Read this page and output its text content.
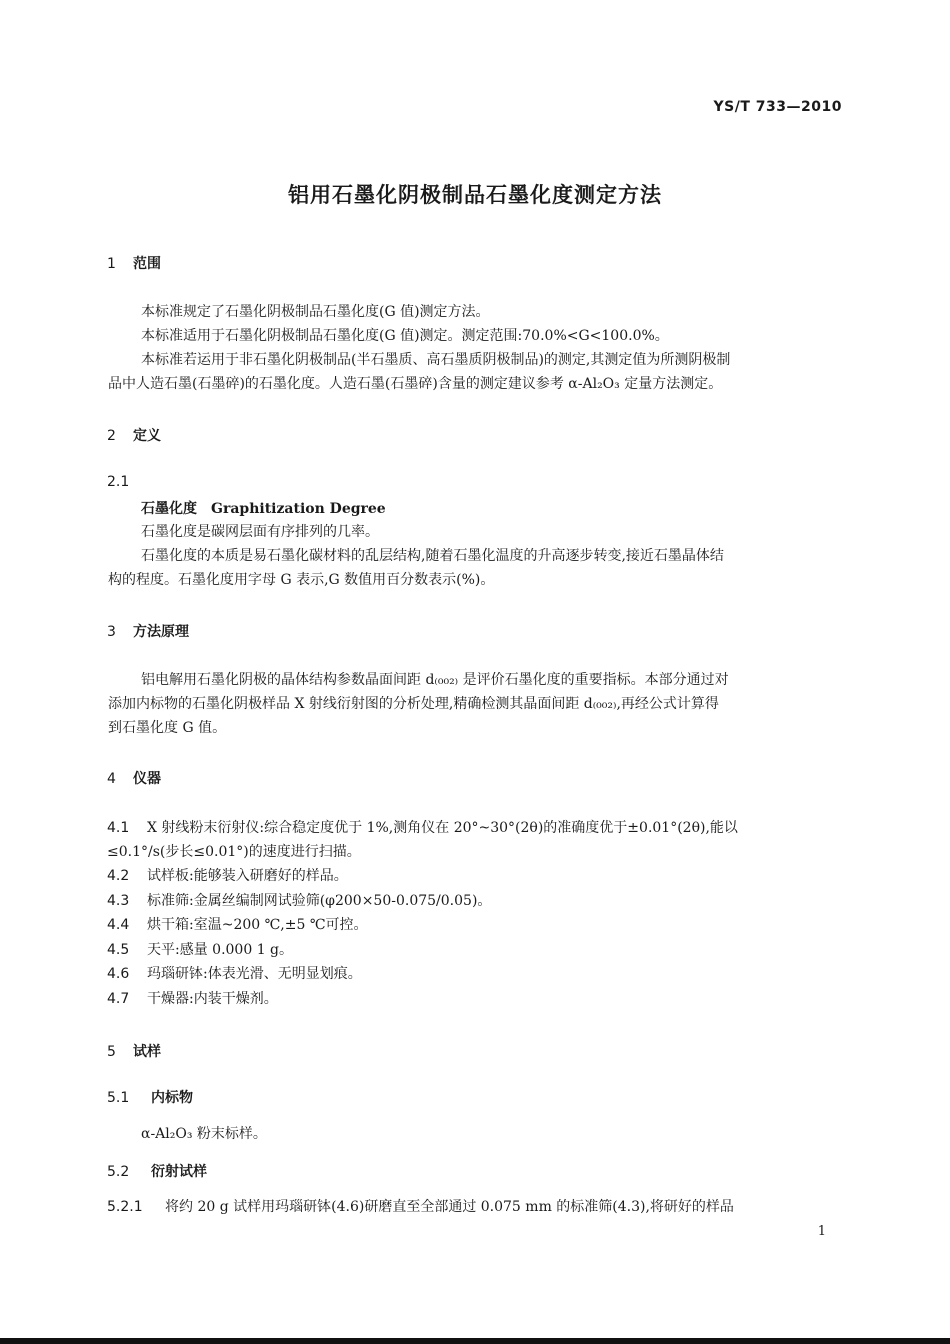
YS/T 733—2010
铝用石墨化阴极制品石墨化度测定方法
1 范围
本标准规定了石墨化阴极制品石墨化度(G 值)测定方法。
本标准适用于石墨化阴极制品石墨化度(G 值)测定。测定范围:70.0%<G<100.0%。
本标准若运用于非石墨化阴极制品(半石墨质、高石墨质阴极制品)的测定,其测定值为所测阴极制
品中人造石墨(石墨碎)的石墨化度。人造石墨(石墨碎)含量的测定建议参考 α-Al₂O₃ 定量方法测定。
2 定义
2.1
石墨化度 Graphitization Degree
石墨化度是碳网层面有序排列的几率。
石墨化度的本质是易石墨化碳材料的乱层结构,随着石墨化温度的升高逐步转变,接近石墨晶体结
构的程度。石墨化度用字母 G 表示,G 数值用百分数表示(%)。
3 方法原理
铝电解用石墨化阴极的晶体结构参数晶面间距 d₍₀₀₂₎ 是评价石墨化度的重要指标。本部分通过对
添加内标物的石墨化阴极样品 X 射线衍射图的分析处理,精确检测其晶面间距 d₍₀₀₂₎,再经公式计算得
到石墨化度 G 值。
4 仪器
4.1 X 射线粉末衍射仪:综合稳定度优于 1%,测角仪在 20°~30°(2θ)的准确度优于±0.01°(2θ),能以
≤0.1°/s(步长≤0.01°)的速度进行扫描。
4.2 试样板:能够装入研磨好的样品。
4.3 标准筛:金属丝编制网试验筛(φ200×50-0.075/0.05)。
4.4 烘干箱:室温~200 ℃,±5 ℃可控。
4.5 天平:感量 0.000 1 g。
4.6 玛瑙研钵:体表光滑、无明显划痕。
4.7 干燥器:内装干燥剂。
5 试样
5.1 内标物
α-Al₂O₃ 粉末标样。
5.2 衍射试样
5.2.1 将约 20 g 试样用玛瑙研钵(4.6)研磨直至全部通过 0.075 mm 的标准筛(4.3),将研好的样品
1
